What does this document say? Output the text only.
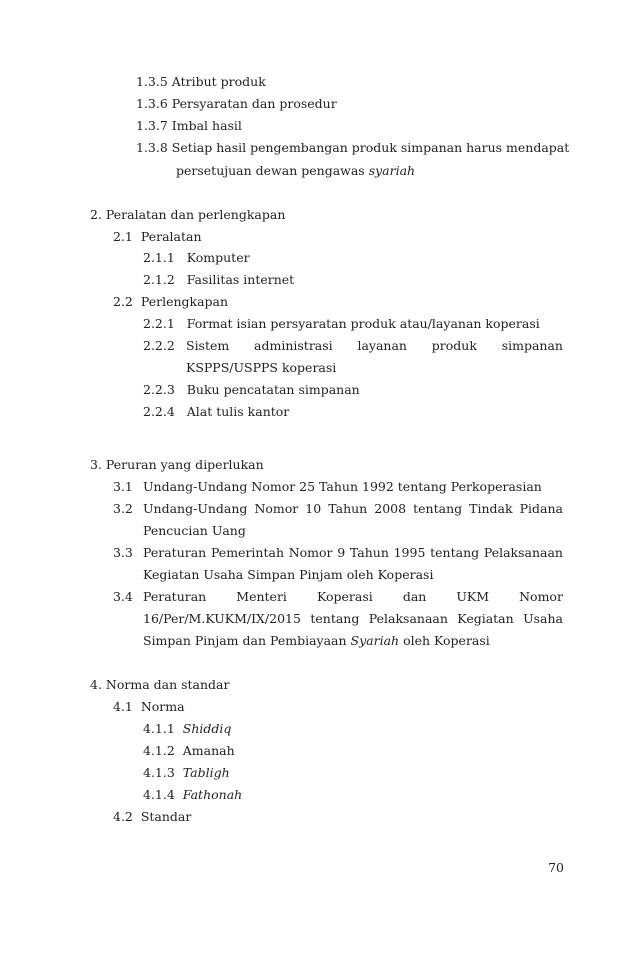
1.3.5 Atribut produk
1.3.6 Persyaratan dan prosedur
1.3.7 Imbal hasil
1.3.8 Setiap hasil pengembangan produk simpanan harus mendapat
persetujuan dewan pengawas syariah
2. Peralatan dan perlengkapan
2.1 Peralatan
2.1.1 Komputer
2.1.2 Fasilitas internet
2.2 Perlengkapan
2.2.1 Format isian persyaratan produk atau/layanan koperasi
2.2.2 Sistem administrasi layanan produk simpanan
KSPPS/USPPS koperasi
2.2.3 Buku pencatatan simpanan
2.2.4 Alat tulis kantor
3. Peruran yang diperlukan
3.1 Undang-Undang Nomor 25 Tahun 1992 tentang Perkoperasian
3.2 Undang-Undang Nomor 10 Tahun 2008 tentang Tindak Pidana
Pencucian Uang
3.3 Peraturan Pemerintah Nomor 9 Tahun 1995 tentang Pelaksanaan
Kegiatan Usaha Simpan Pinjam oleh Koperasi
3.4 Peraturan Menteri Koperasi dan UKM Nomor
16/Per/M.KUKM/IX/2015 tentang Pelaksanaan Kegiatan Usaha
Simpan Pinjam dan Pembiayaan Syariah oleh Koperasi
4. Norma dan standar
4.1 Norma
4.1.1 Shiddiq
4.1.2 Amanah
4.1.3 Tabligh
4.1.4 Fathonah
4.2 Standar
70
